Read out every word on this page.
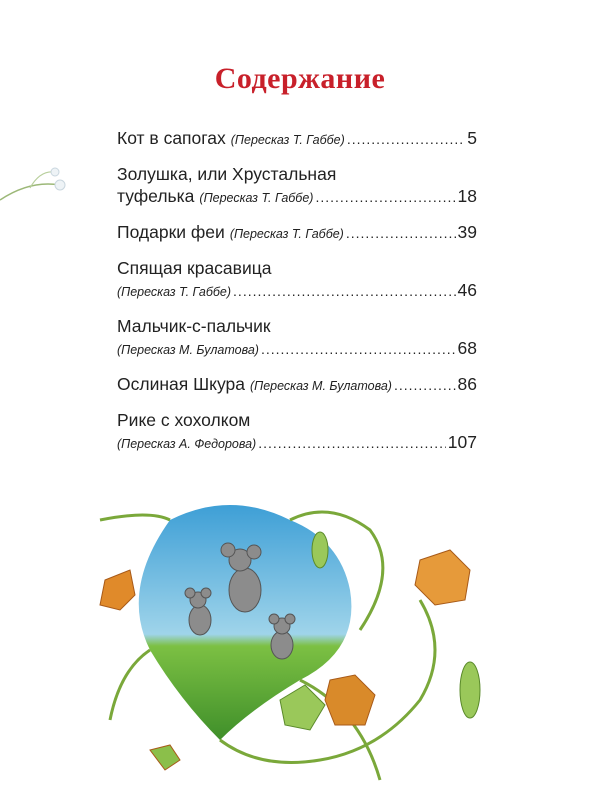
Содержание
Кот в сапогах (Пересказ Т. Габбе) .....	5
Золушка, или Хрустальная
туфелька (Пересказ Т. Габбе) .....	18
Подарки феи (Пересказ Т. Габбе) .....	39
Спящая красавица
(Пересказ Т. Габбе) .....	46
Мальчик-с-пальчик
(Пересказ М. Булатова) .....	68
Ослиная Шкура (Пересказ М. Булатова) .....	86
Рике с хохолком
(Пересказ А. Федорова) .....	107
